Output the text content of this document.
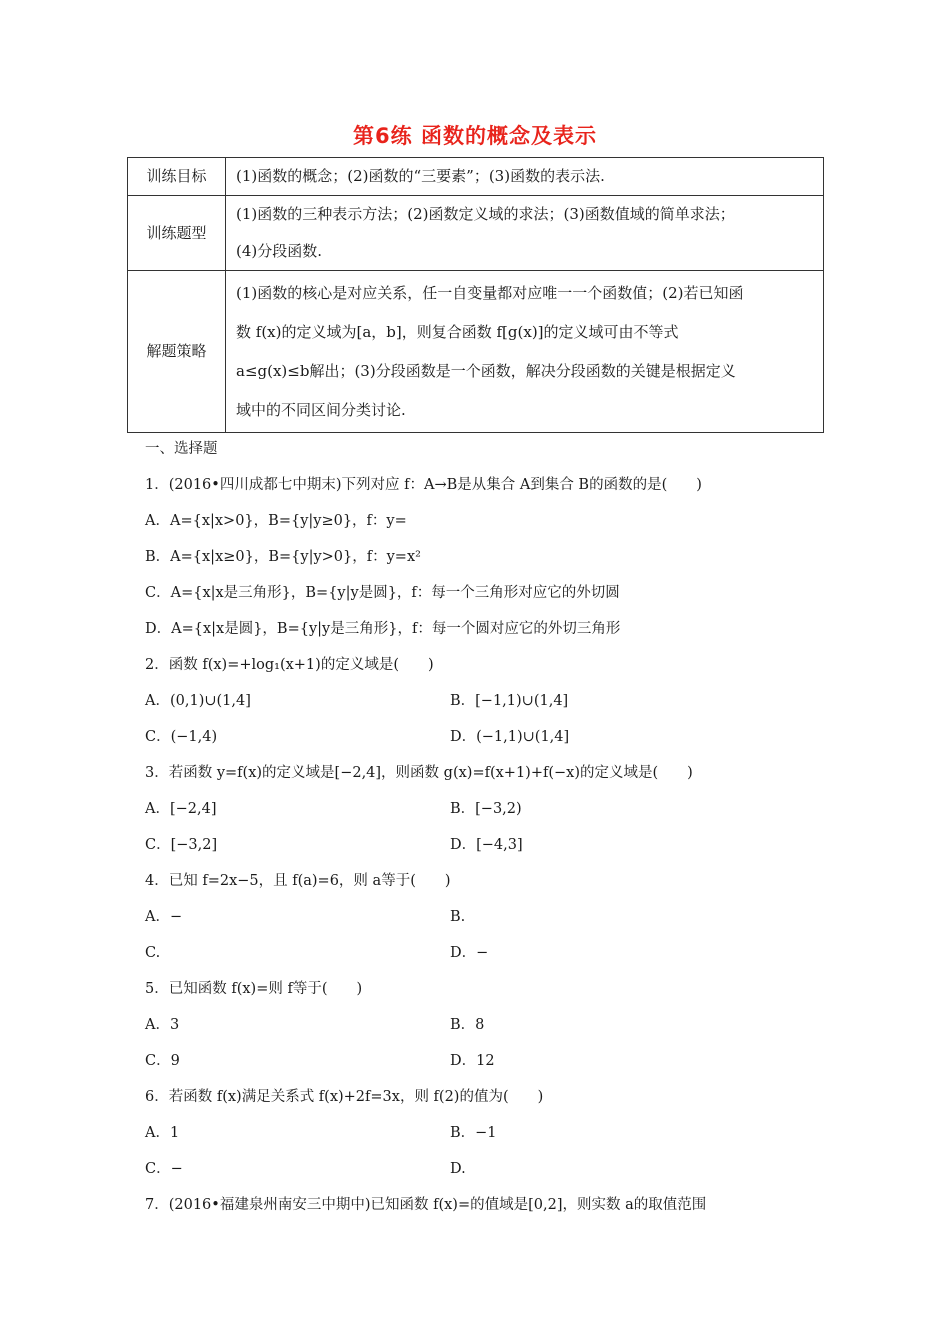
第6练 函数的概念及表示
训练目标	(1)函数的概念；(2)函数的“三要素”；(3)函数的表示法.

训练题型	(1)函数的三种表示方法；(2)函数定义域的求法；(3)函数值域的简单求法；
(4)分段函数.

解题策略	(1)函数的核心是对应关系，任一自变量都对应唯一一个函数值；(2)若已知函
数 f(x)的定义域为[a，b]，则复合函数 f[g(x)]的定义域可由不等式
a≤g(x)≤b解出；(3)分段函数是一个函数，解决分段函数的关键是根据定义
域中的不同区间分类讨论.
一、选择题
1．(2016•四川成都七中期末)下列对应 f：A→B是从集合 A到集合 B的函数的是(　　)
A．A={x|x>0}，B={y|y≥0}，f：y=
B．A={x|x≥0}，B={y|y>0}，f：y=x²
C．A={x|x是三角形}，B={y|y是圆}，f：每一个三角形对应它的外切圆
D．A={x|x是圆}，B={y|y是三角形}，f：每一个圆对应它的外切三角形
2．函数 f(x)=+log₁(x+1)的定义域是(　　)
A．(0,1)∪(1,4]	B．[−1,1)∪(1,4]
C．(−1,4)	D．(−1,1)∪(1,4]
3．若函数 y=f(x)的定义域是[−2,4]，则函数 g(x)=f(x+1)+f(−x)的定义域是(　　)
A．[−2,4]	B．[−3,2)
C．[−3,2]	D．[−4,3]
4．已知 f=2x−5，且 f(a)=6，则 a等于(　　)
A．−	B.
C.	D．−
5．已知函数 f(x)=则 f等于(　　)
A．3	B．8
C．9	D．12
6．若函数 f(x)满足关系式 f(x)+2f=3x，则 f(2)的值为(　　)
A．1	B．−1
C．−	D.
7．(2016•福建泉州南安三中期中)已知函数 f(x)=的值域是[0,2]，则实数 a的取值范围
